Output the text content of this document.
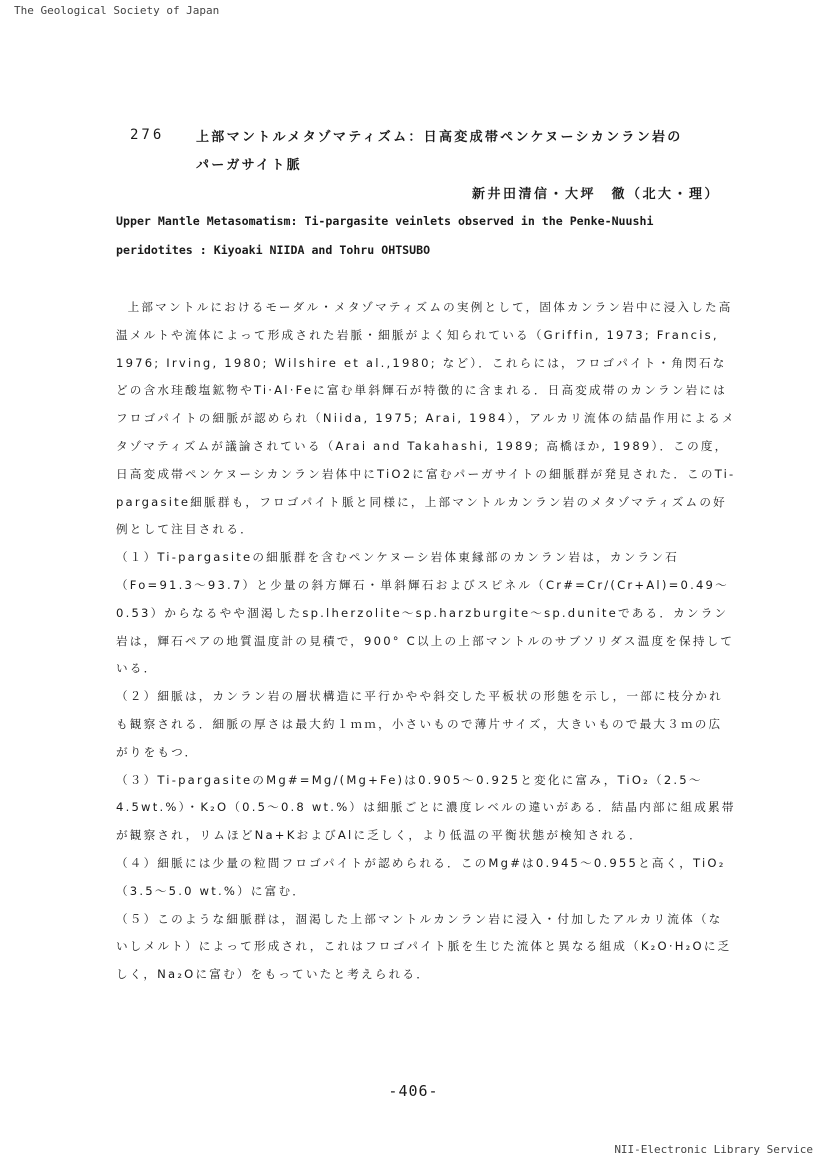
The Geological Society of Japan
276 上部マントルメタゾマティズム：日高変成帯ペンケヌーシカンラン岩の
パーガサイト脈
新井田清信・大坪　徹（北大・理）
Upper Mantle Metasomatism: Ti-pargasite veinlets observed in the Penke-Nuushi
peridotites : Kiyoaki NIIDA and Tohru OHTSUBO

上部マントルにおけるモーダル・メタゾマティズムの実例として，固体カンラン岩中に浸入した高温メルトや流体によって形成された岩脈・細脈がよく知られている（Griffin, 1973; Francis, 1976; Irving, 1980; Wilshire et al.,1980; など）．これらには，フロゴパイト・角閃石などの含水珪酸塩鉱物やTi·Al·Feに富む単斜輝石が特徴的に含まれる．日高変成帯のカンラン岩にはフロゴパイトの細脈が認められ（Niida, 1975; Arai, 1984），アルカリ流体の結晶作用によるメタゾマティズムが議論されている（Arai and Takahashi, 1989; 高橋ほか, 1989）．この度，日高変成帯ペンケヌーシカンラン岩体中にTiO2に富むパーガサイトの細脈群が発見された．このTi-pargasite細脈群も，フロゴパイト脈と同様に，上部マントルカンラン岩のメタゾマティズムの好例として注目される．

（１）Ti-pargasiteの細脈群を含むペンケヌーシ岩体東縁部のカンラン岩は，カンラン石（Fo=91.3～93.7）と少量の斜方輝石・単斜輝石およびスピネル（Cr#=Cr/(Cr+Al)=0.49～0.53）からなるやや涸渇したsp.lherzolite～sp.harzburgite～sp.duniteである．カンラン岩は，輝石ペアの地質温度計の見積で，900° C以上の上部マントルのサブソリダス温度を保持している．

（２）細脈は，カンラン岩の層状構造に平行かやや斜交した平板状の形態を示し，一部に枝分かれも観察される．細脈の厚さは最大約１ｍｍ，小さいもので薄片サイズ，大きいもので最大３ｍの広がりをもつ．

（３）Ti-pargasiteのMg#=Mg/(Mg+Fe)は0.905～0.925と変化に富み，TiO₂（2.5～4.5wt.%）・K₂O（0.5～0.8 wt.%）は細脈ごとに濃度レベルの違いがある．結晶内部に組成累帯が観察され，リムほどNa+KおよびAlに乏しく，より低温の平衡状態が検知される．

（４）細脈には少量の粒間フロゴパイトが認められる．このMg#は0.945～0.955と高く，TiO₂（3.5～5.0 wt.%）に富む．

（５）このような細脈群は，涸渇した上部マントルカンラン岩に浸入・付加したアルカリ流体（ないしメルト）によって形成され，これはフロゴパイト脈を生じた流体と異なる組成（K₂O·H₂Oに乏しく，Na₂Oに富む）をもっていたと考えられる．

-406-
NII-Electronic Library Service
